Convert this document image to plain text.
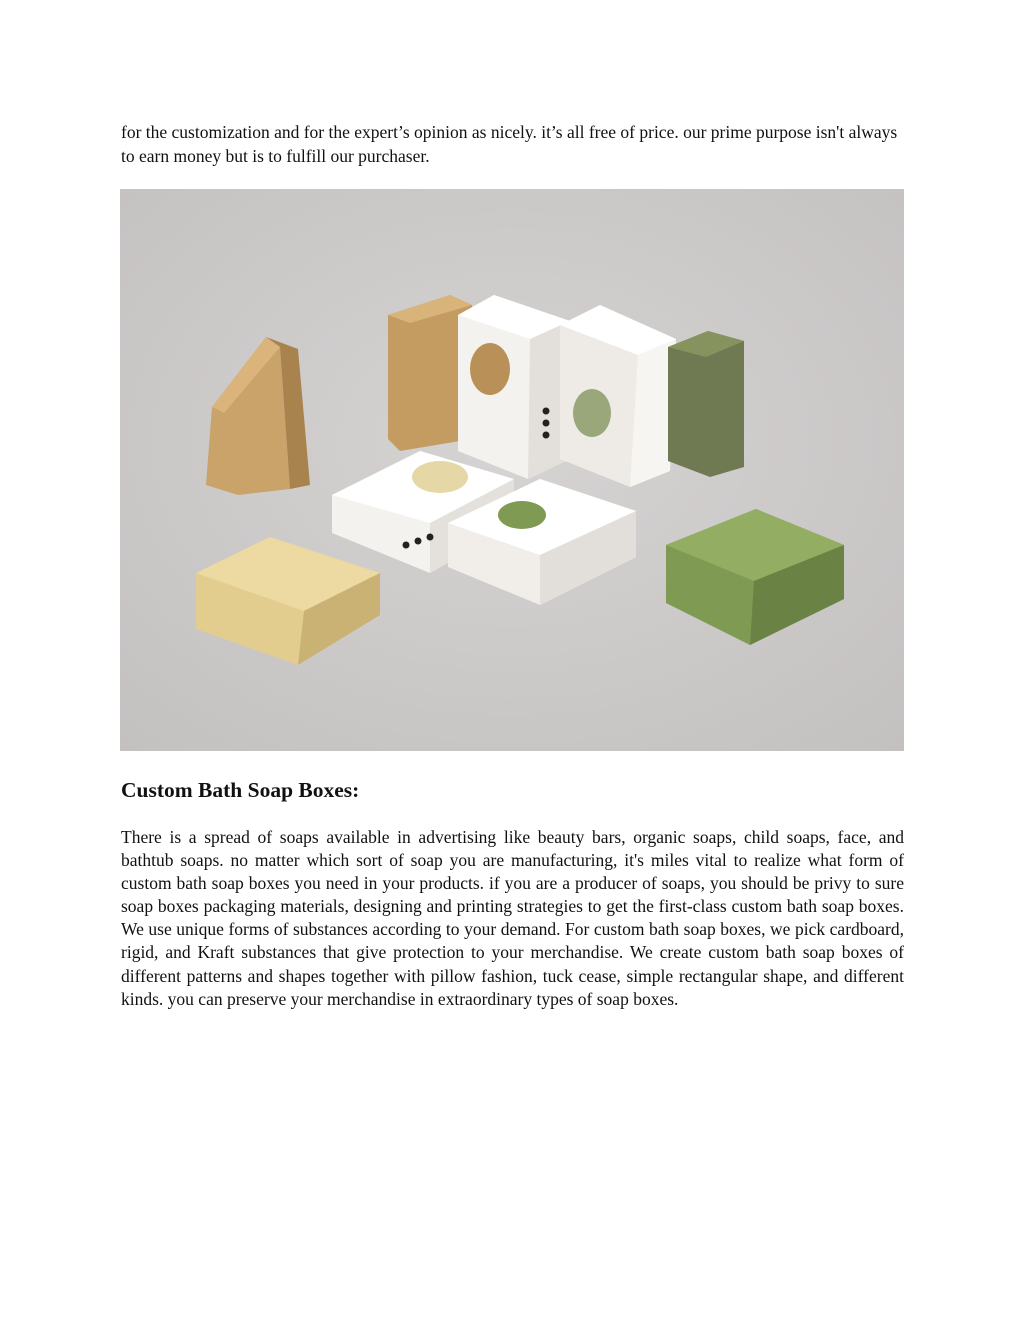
for the customization and for the expert’s opinion as nicely. it’s all free of price. our prime purpose isn't always to earn money but is to fulfill our purchaser.

Custom Bath Soap Boxes:

There is a spread of soaps available in advertising like beauty bars, organic soaps, child soaps, face, and bathtub soaps. no matter which sort of soap you are manufacturing, it's miles vital to realize what form of custom bath soap boxes you need in your products. if you are a producer of soaps, you should be privy to sure soap boxes packaging materials, designing and printing strategies to get the first-class custom bath soap boxes. We use unique forms of substances according to your demand. For custom bath soap boxes, we pick cardboard, rigid, and Kraft substances that give protection to your merchandise. We create custom bath soap boxes of different patterns and shapes together with pillow fashion, tuck cease, simple rectangular shape, and different kinds. you can preserve your merchandise in extraordinary types of soap boxes.
